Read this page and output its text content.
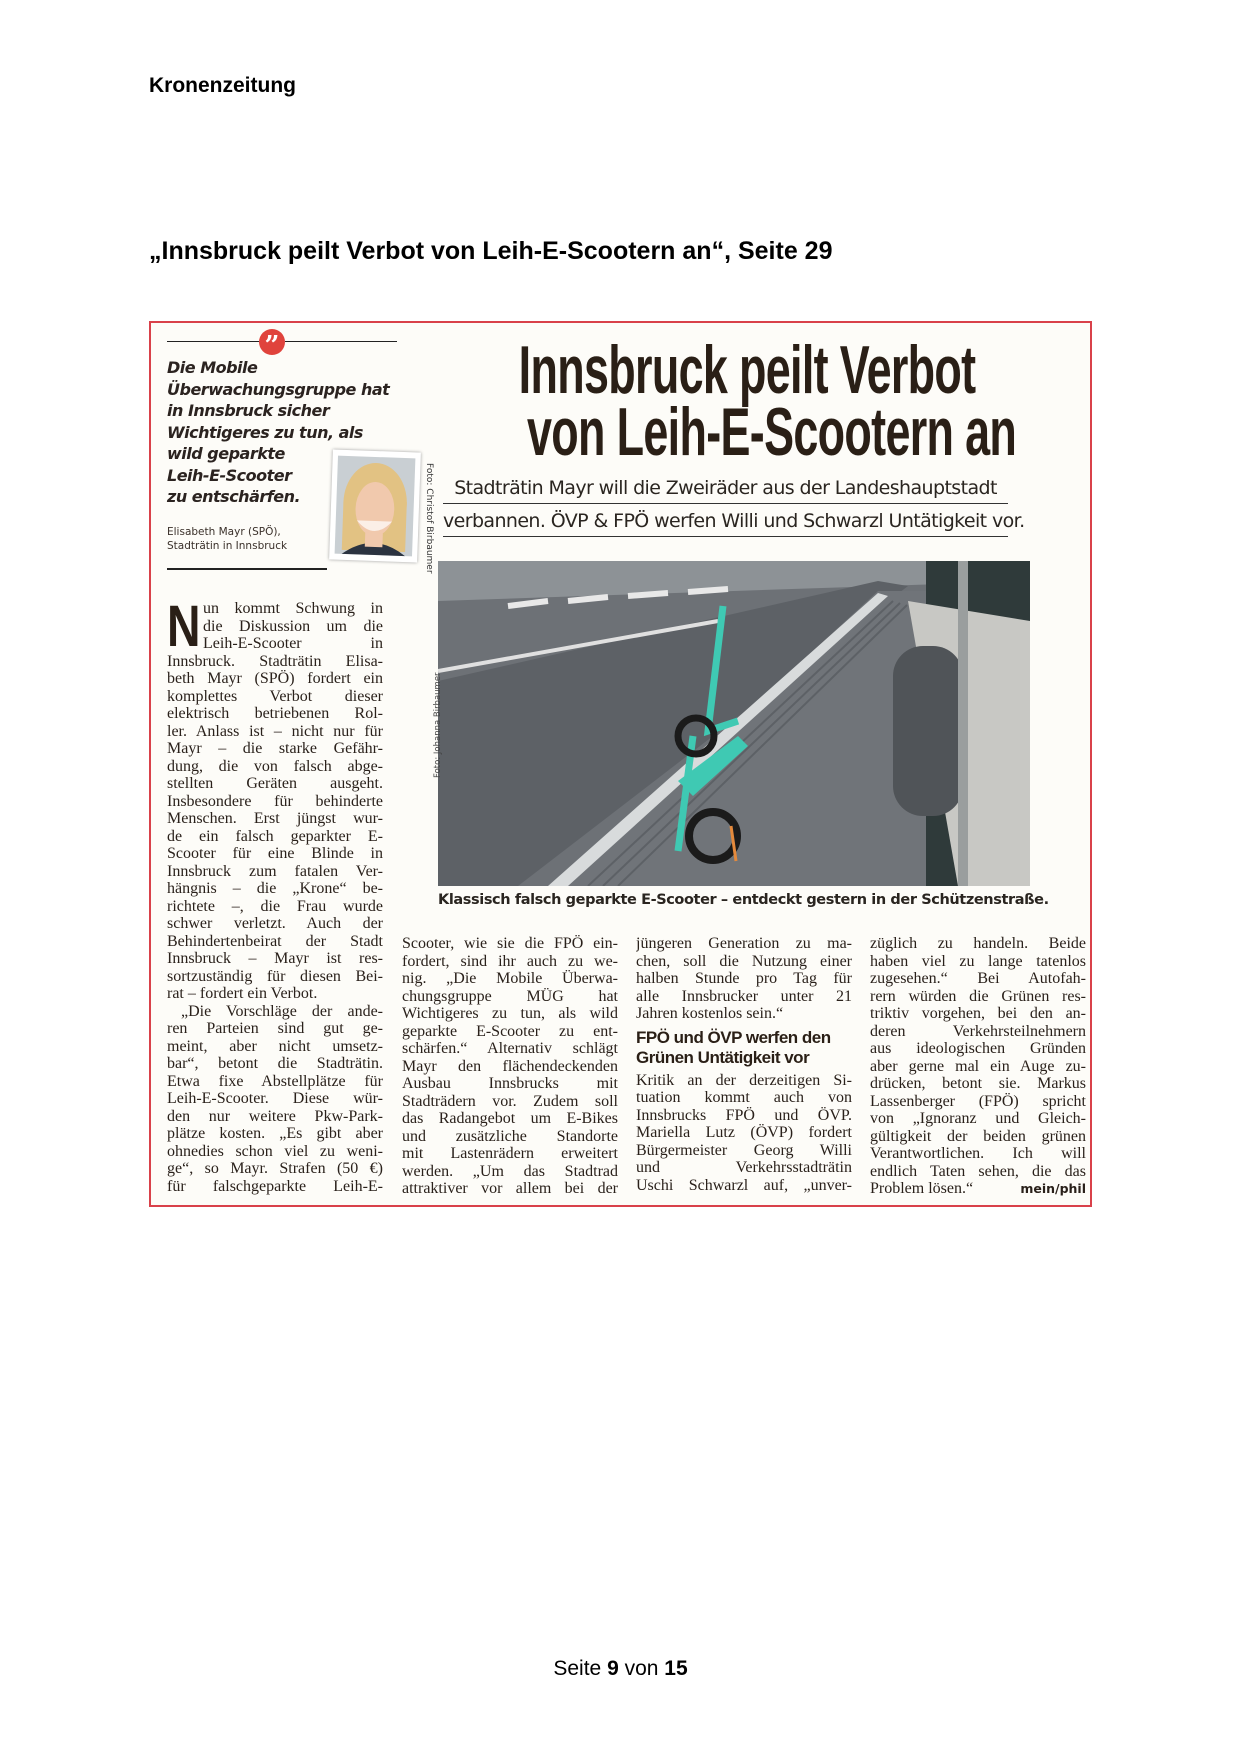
Kronenzeitung
„Innsbruck peilt Verbot von Leih-E-Scootern an“, Seite 29
”
Die Mobile
Überwachungsgruppe hat
in Innsbruck sicher
Wichtigeres zu tun, als
wild geparkte
Leih-E-Scooter
zu entschärfen.	Foto: Christof Birbaumer
Elisabeth Mayr (SPÖ),
Stadträtin in Innsbruck
Innsbruck peilt Verbot
von Leih-E-Scootern an
Stadträtin Mayr will die Zweiräder aus der Landeshauptstadt
verbannen. ÖVP & FPÖ werfen Willi und Schwarzl Untätigkeit vor.
Foto: Johanna Birbaumer
Klassisch falsch geparkte E-Scooter – entdeckt gestern in der Schützenstraße.
N un kommt Schwung in
die Diskussion um die
Leih-E-Scooter in
Innsbruck. Stadträtin Elisa-
beth Mayr (SPÖ) fordert ein
komplettes Verbot dieser
elektrisch betriebenen Rol-
ler. Anlass ist – nicht nur für
Mayr – die starke Gefähr-
dung, die von falsch abge-
stellten Geräten ausgeht.
Insbesondere für behinderte
Menschen. Erst jüngst wur-
de ein falsch geparkter E-
Scooter für eine Blinde in
Innsbruck zum fatalen Ver-
hängnis – die „Krone“ be-
richtete –, die Frau wurde
schwer verletzt. Auch der
Behindertenbeirat der Stadt
Innsbruck – Mayr ist res-
sortzuständig für diesen Bei-
rat – fordert ein Verbot.
„Die Vorschläge der ande-
ren Parteien sind gut ge-
meint, aber nicht umsetz-
bar“, betont die Stadträtin.
Etwa fixe Abstellplätze für
Leih-E-Scooter. Diese wür-
den nur weitere Pkw-Park-
plätze kosten. „Es gibt aber
ohnedies schon viel zu weni-
ge“, so Mayr. Strafen (50 €)
für falschgeparkte Leih-E-
Scooter, wie sie die FPÖ ein-
fordert, sind ihr auch zu we-
nig. „Die Mobile Überwa-
chungsgruppe MÜG hat
Wichtigeres zu tun, als wild
geparkte E-Scooter zu ent-
schärfen.“ Alternativ schlägt
Mayr den flächendeckenden
Ausbau Innsbrucks mit
Stadträdern vor. Zudem soll
das Radangebot um E-Bikes
und zusätzliche Standorte
mit Lastenrädern erweitert
werden. „Um das Stadtrad
attraktiver vor allem bei der
jüngeren Generation zu ma-
chen, soll die Nutzung einer
halben Stunde pro Tag für
alle Innsbrucker unter 21
Jahren kostenlos sein.“
FPÖ und ÖVP werfen den
Grünen Untätigkeit vor
Kritik an der derzeitigen Si-
tuation kommt auch von
Innsbrucks FPÖ und ÖVP.
Mariella Lutz (ÖVP) fordert
Bürgermeister Georg Willi
und Verkehrsstadträtin
Uschi Schwarzl auf, „unver-
züglich zu handeln. Beide
haben viel zu lange tatenlos
zugesehen.“ Bei Autofah-
rern würden die Grünen res-
triktiv vorgehen, bei den an-
deren Verkehrsteilnehmern
aus ideologischen Gründen
aber gerne mal ein Auge zu-
drücken, betont sie. Markus
Lassenberger (FPÖ) spricht
von „Ignoranz und Gleich-
gültigkeit der beiden grünen
Verantwortlichen. Ich will
endlich Taten sehen, die das
Problem lösen.“	mein/phil
Seite 9 von 15
